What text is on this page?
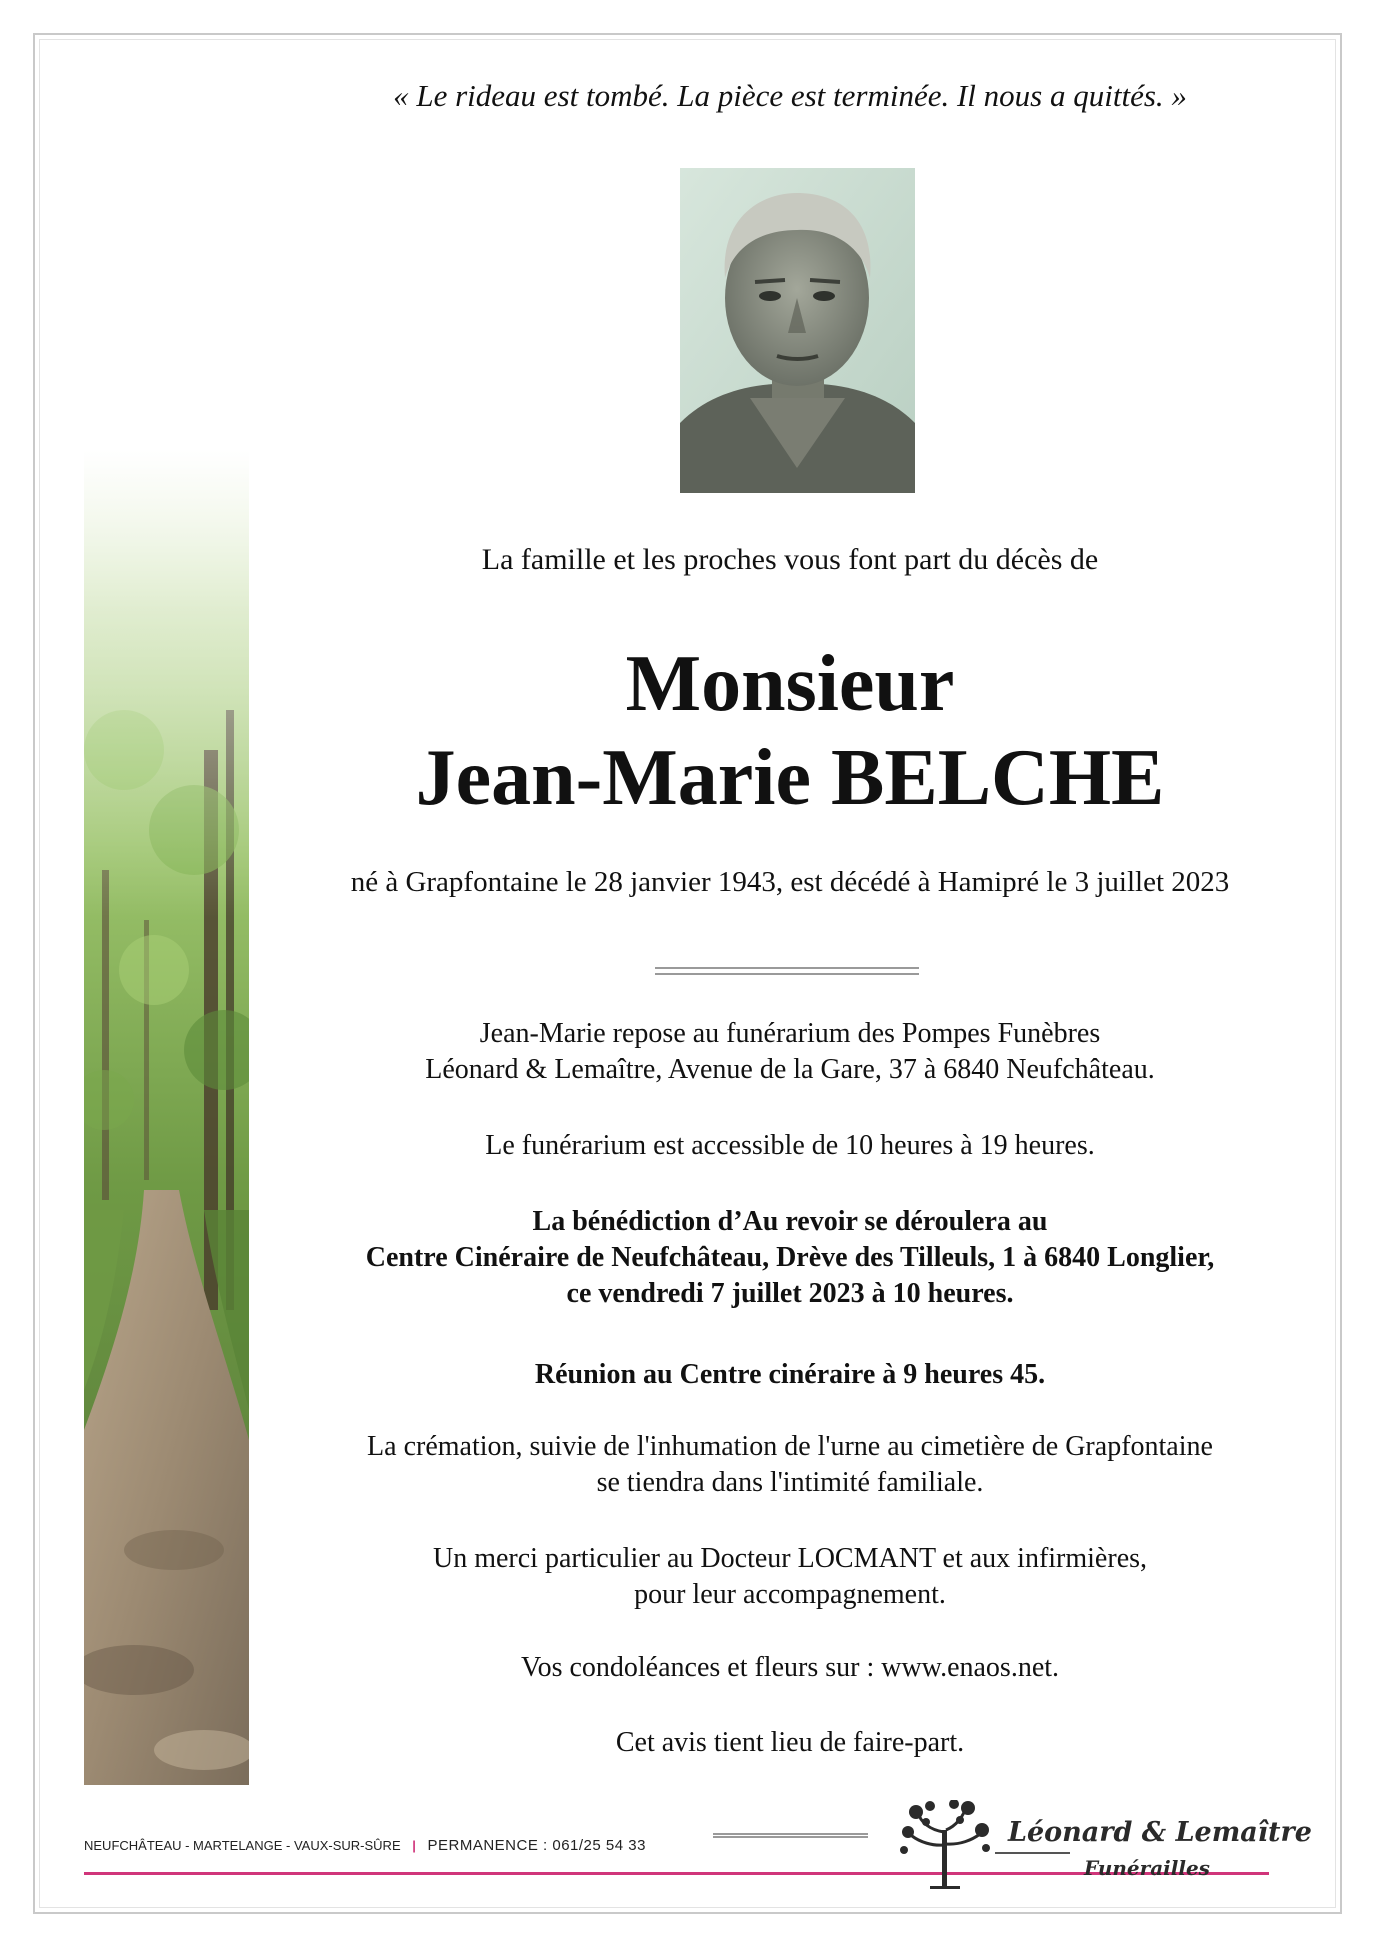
« Le rideau est tombé. La pièce est terminée. Il nous a quittés. »
La famille et les proches vous font part du décès de
Monsieur
Jean-Marie BELCHE
né à Grapfontaine le 28 janvier 1943, est décédé à Hamipré le 3 juillet 2023
Jean-Marie repose au funérarium des Pompes Funèbres
Léonard & Lemaître, Avenue de la Gare, 37 à 6840 Neufchâteau.
Le funérarium est accessible de 10 heures à 19 heures.
La bénédiction d’Au revoir se déroulera au
Centre Cinéraire de Neufchâteau, Drève des Tilleuls, 1 à 6840 Longlier,
ce vendredi 7 juillet 2023 à 10 heures.
Réunion au Centre cinéraire à 9 heures 45.
La crémation, suivie de l'inhumation de l'urne au cimetière de Grapfontaine
se tiendra dans l'intimité familiale.
Un merci particulier au Docteur LOCMANT et aux infirmières,
pour leur accompagnement.
Vos condoléances et fleurs sur : www.enaos.net.
Cet avis tient lieu de faire-part.
NEUFCHÂTEAU - MARTELANGE - VAUX-SUR-SÛRE | PERMANENCE : 061/25 54 33	Léonard & Lemaître
Funérailles
